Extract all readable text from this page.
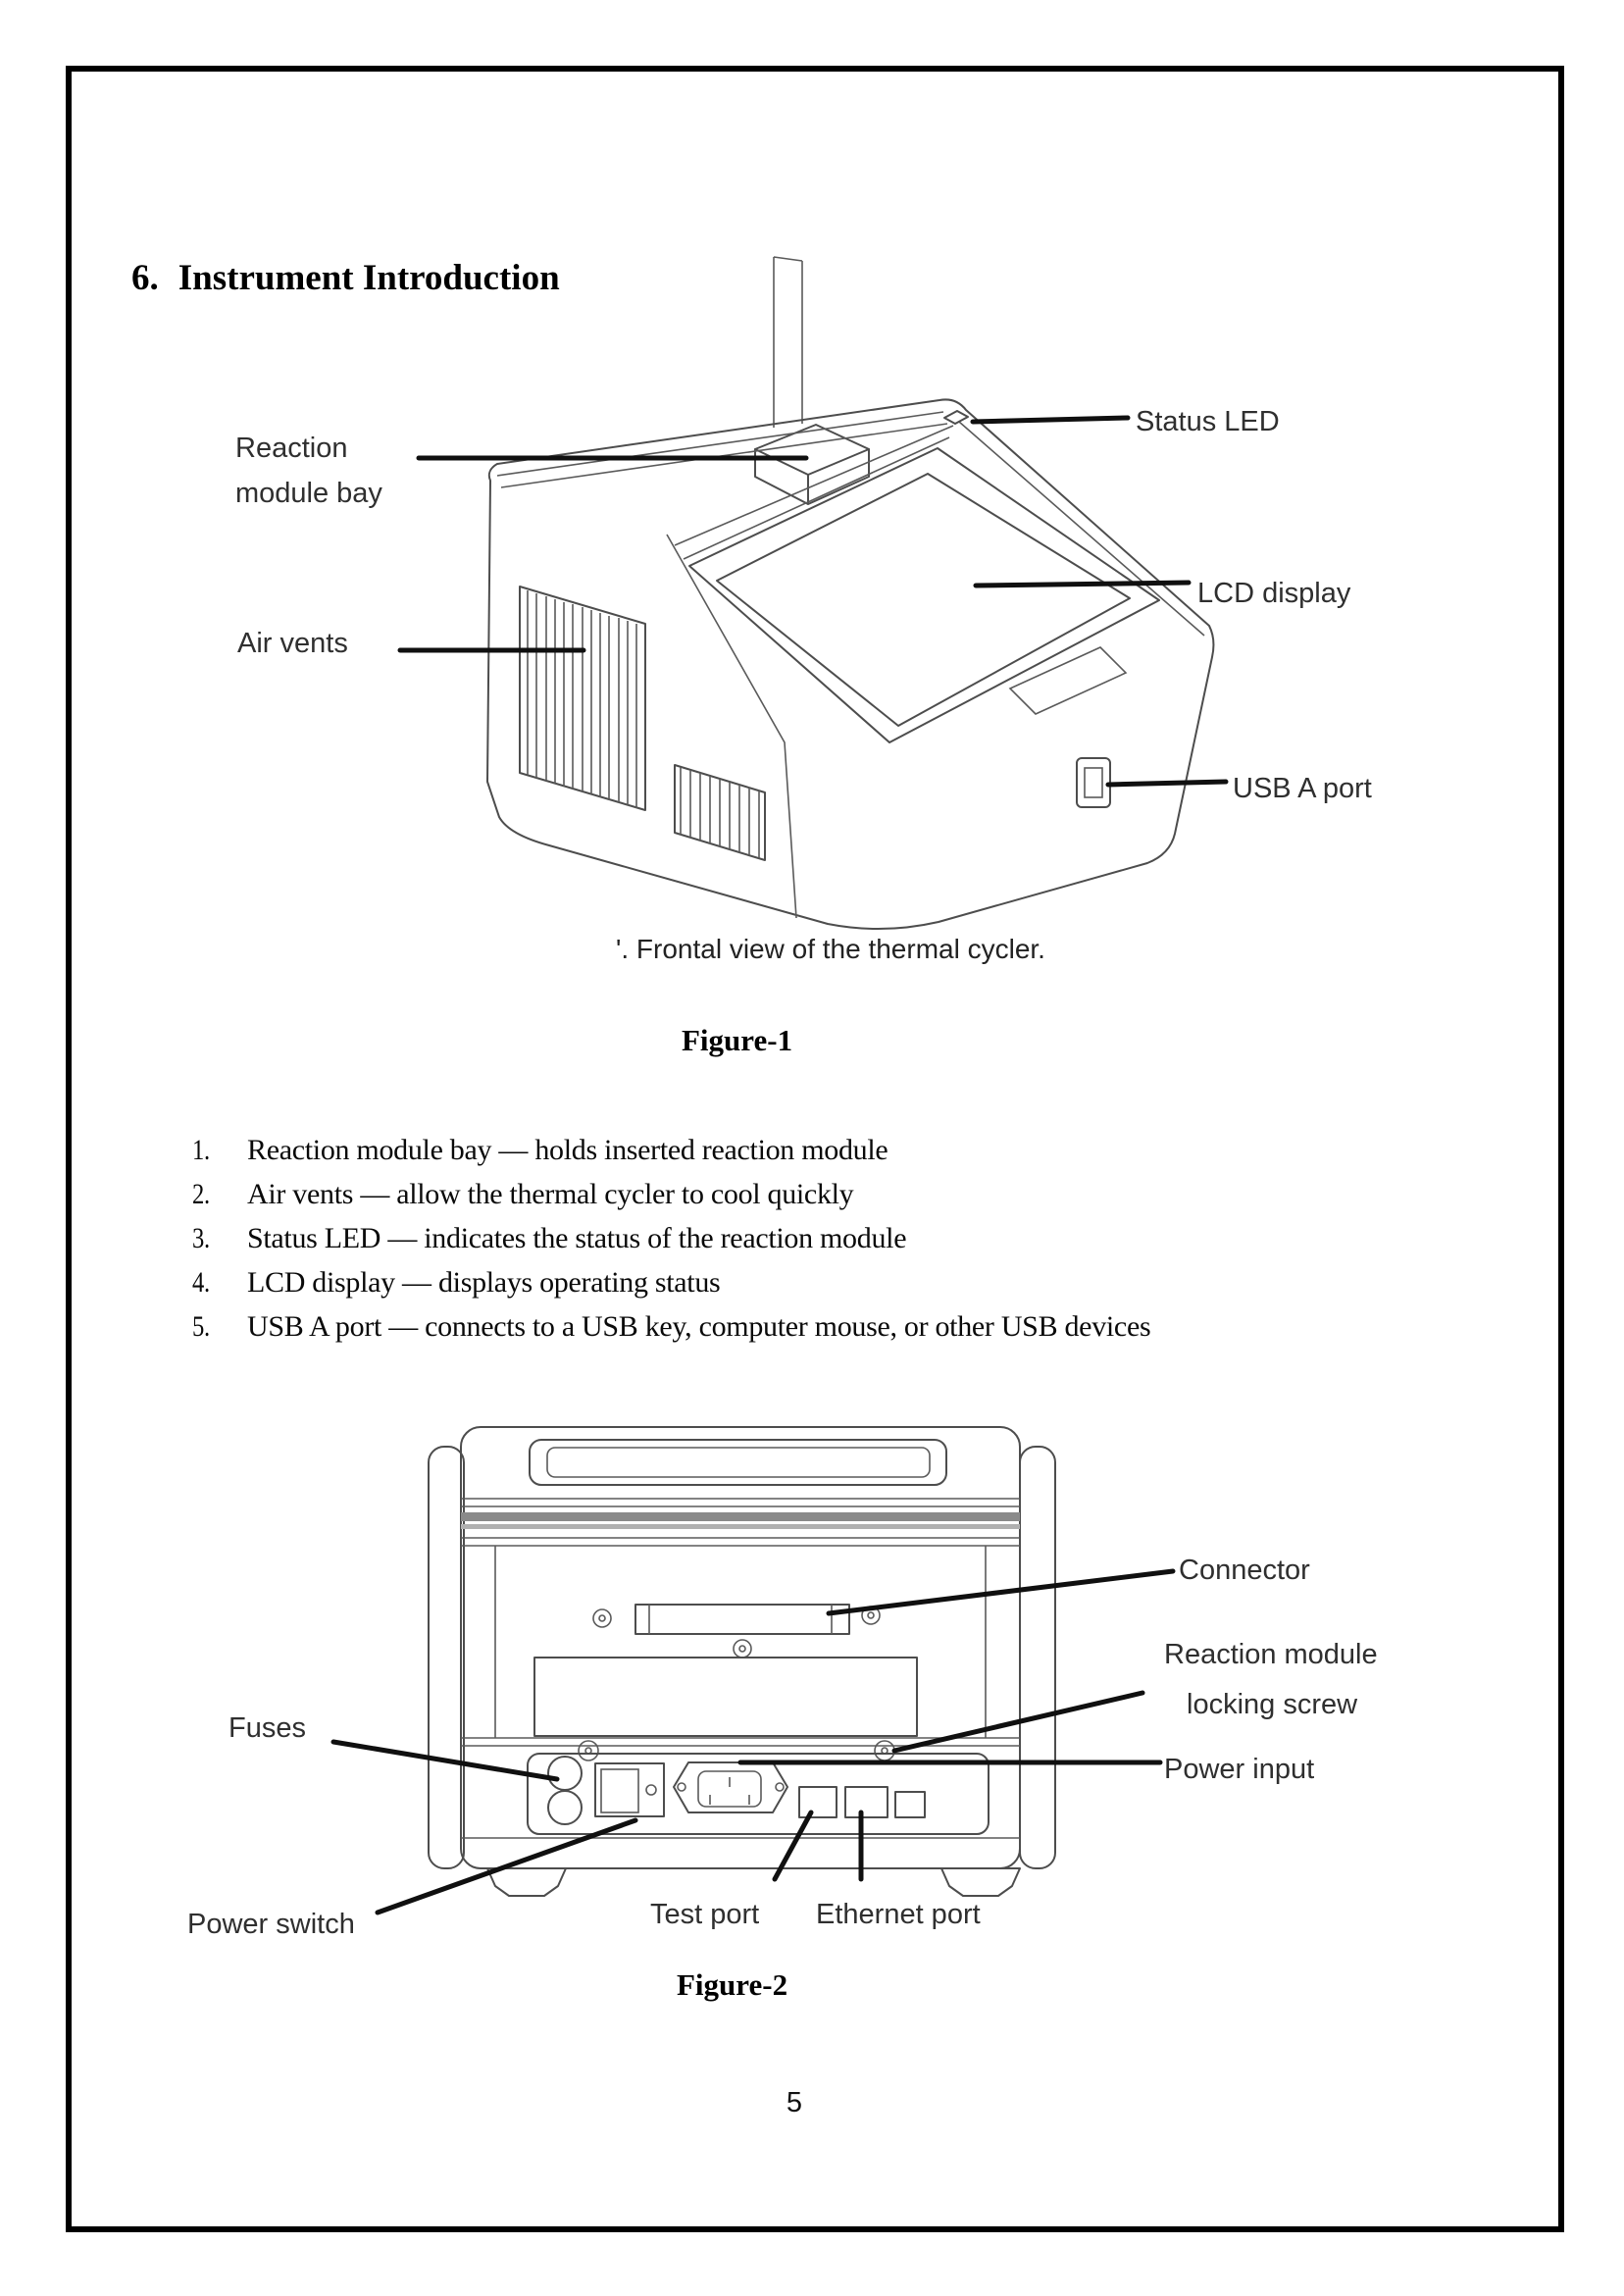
6. Instrument Introduction
Reaction
module bay
Air vents
Status LED
LCD display
USB A port
'. Frontal view of the thermal cycler.
Figure-1
1. Reaction module bay — holds inserted reaction module
2. Air vents — allow the thermal cycler to cool quickly
3. Status LED — indicates the status of the reaction module
4. LCD display — displays operating status
5. USB A port — connects to a USB key, computer mouse, or other USB devices
Connector
Reaction module
locking screw
Power input
Fuses
Power switch	Test port Ethernet port
Figure-2
5
